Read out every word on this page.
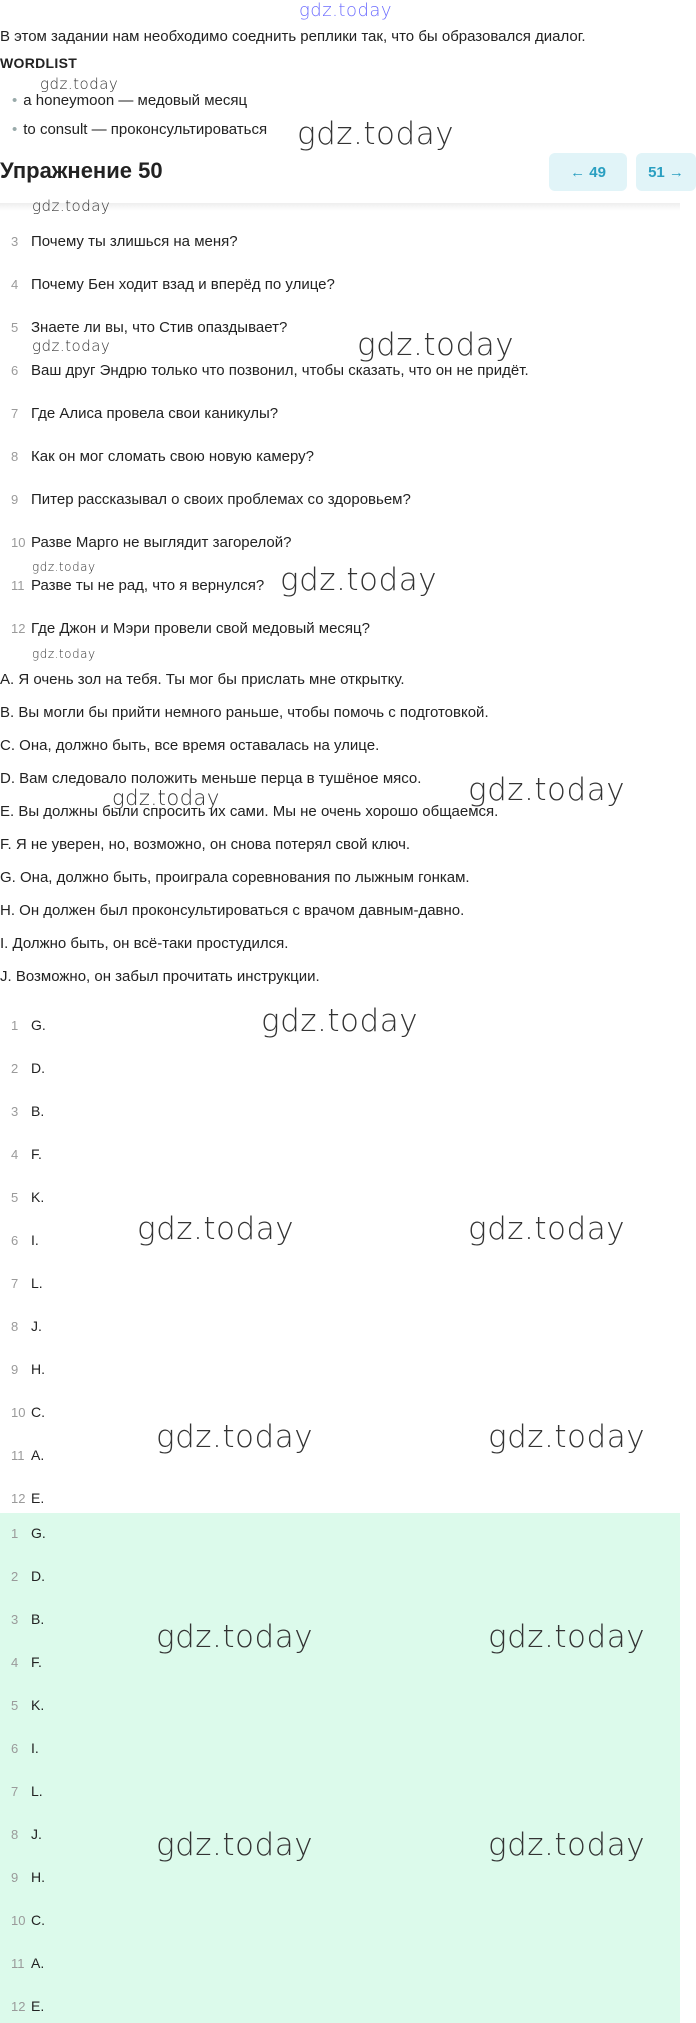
gdz.today
В этом задании нам необходимо соеднить реплики так, что бы образовался диалог.
WORDLIST
gdz.today
• a honeymoon — медовый месяц
• to consult — проконсультироваться gdz.today
Упражнение 50	← 49	51 →
gdz.today
3 Почему ты злишься на меня?
4 Почему Бен ходит взад и вперёд по улице?
5 Знаете ли вы, что Стив опаздывает?
gdz.today	gdz.today
6 Ваш друг Эндрю только что позвонил, чтобы сказать, что он не придёт.
7 Где Алиса провела свои каникулы?
8 Как он мог сломать свою новую камеру?
9 Питер рассказывал о своих проблемах со здоровьем?
10 Разве Марго не выглядит загорелой?
gdz.today
11 Разве ты не рад, что я вернулся? gdz.today
12 Где Джон и Мэри провели свой медовый месяц?
gdz.today
A. Я очень зол на тебя. Ты мог бы прислать мне открытку.
B. Вы могли бы прийти немного раньше, чтобы помочь с подготовкой.
C. Она, должно быть, все время оставалась на улице.
D. Вам следовало положить меньше перца в тушёное мясо.
E. Вы должны были спросить их сами. Мы не очень хорошо общаемся.
gdz.today
gdz.today
F. Я не уверен, но, возможно, он снова потерял свой ключ.
G. Она, должно быть, проиграла соревнования по лыжным гонкам.
H. Он должен был проконсультироваться с врачом давным-давно.
I. Должно быть, он всё-таки простудился.
J. Возможно, он забыл прочитать инструкции.
1 G.	gdz.today
2 D.
3 B.
4 F.
5 K.
gdz.today	gdz.today
6 I.
7 L.
8 J.
9 H.
10 C.
gdz.today	gdz.today
11 A.
12 E.
1 G.
2 D.
3 B.	gdz.today	gdz.today
4 F.
5 K.
6 I.
7 L.
8 J.	gdz.today	gdz.today
9 H.
10 C.
11 A.
12 E.
